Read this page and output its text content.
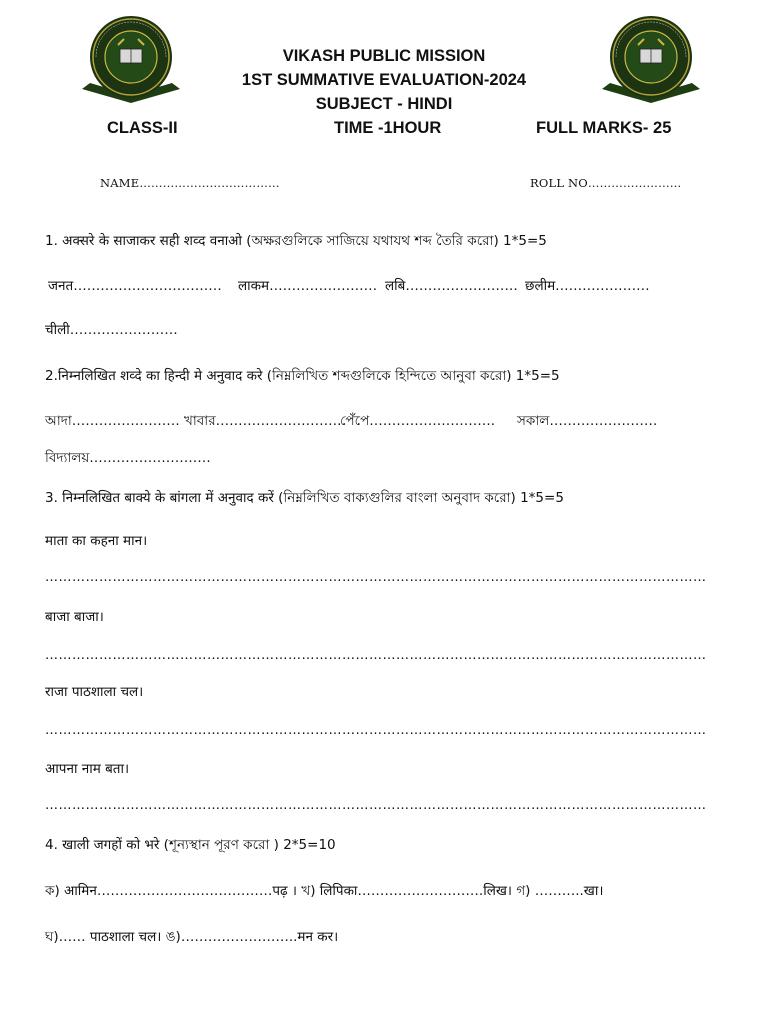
VIKASH PUBLIC MISSION
1ST SUMMATIVE EVALUATION-2024
SUBJECT - HINDI
CLASS-II	TIME -1HOUR	FULL MARKS- 25
NAME………………………………	ROLL NO……………………
1. अक्सरे के साजाकर सही शव्द वनाओ (অক্ষরগুলিকে সাজিয়ে যথাযথ শব্দ তৈরি করো) 1*5=5
जनत…………………………… लाकम…………………… लबि……………………. छलीम…………………
चीली……………………
2.निम्नलिखित शव्दे का हिन्दी मे अनुवाद करे (নিম্নলিখিত শব্দগুলিকে হিন্দিতে আনুবা করো) 1*5=5
আদা…………………… খাবার……………………….
পেঁপে………………………. সকাল……………………
বিদ্যালয়………………………
3. निम्नलिखित बाक्ये के बांगला में अनुवाद करें (নিম্নলিখিত বাক্যগুলির বাংলা অনুবাদ করো) 1*5=5
माता का कहना मान।
…………………………………………………………………………………………………………………………………
बाजा बाजा।
…………………………………………………………………………………………………………………………………
राजा पाठशाला चल।
…………………………………………………………………………………………………………………………………
आपना नाम बता।
…………………………………………………………………………………………………………………………………
4. खाली जगहों को भरे (শূন্যস্থান পূরণ করো ) 2*5=10
ক) आमिन…………………………………पढ़ । খ) लिपिका……………………….लिख। গ) ………..खा।
ঘ)…… पाठशाला चल। ঙ)……………………..मन कर।
